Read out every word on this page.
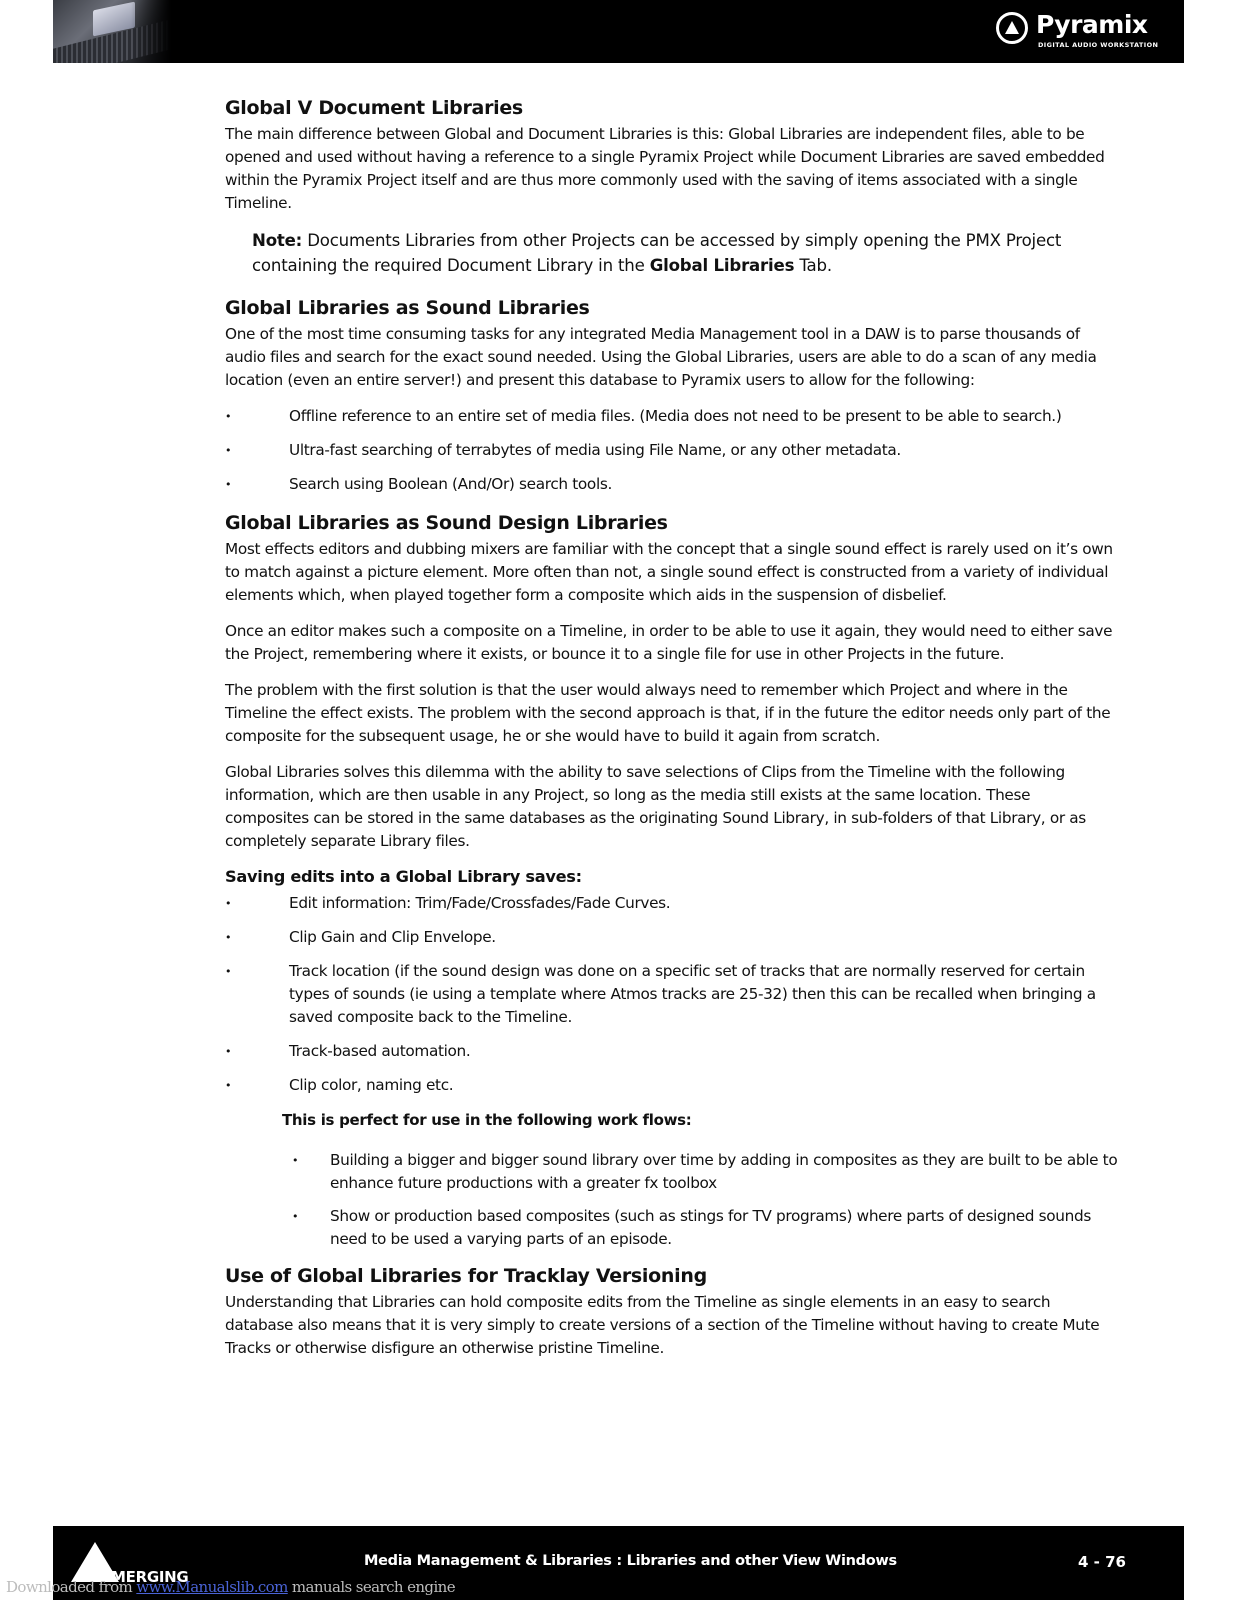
Pyramix
DIGITAL AUDIO WORKSTATION
Global V Document Libraries

The main difference between Global and Document Libraries is this: Global Libraries are independent files, able to be opened and used without having a reference to a single Pyramix Project while Document Libraries are saved embedded within the Pyramix Project itself and are thus more commonly used with the saving of items associated with a single Timeline.

Note: Documents Libraries from other Projects can be accessed by simply opening the PMX Project containing the required Document Library in the Global Libraries Tab.

Global Libraries as Sound Libraries

One of the most time consuming tasks for any integrated Media Management tool in a DAW is to parse thousands of audio files and search for the exact sound needed. Using the Global Libraries, users are able to do a scan of any media location (even an entire server!) and present this database to Pyramix users to allow for the following:

• Offline reference to an entire set of media files. (Media does not need to be present to be able to search.)
• Ultra-fast searching of terrabytes of media using File Name, or any other metadata.
• Search using Boolean (And/Or) search tools.
Global Libraries as Sound Design Libraries

Most effects editors and dubbing mixers are familiar with the concept that a single sound effect is rarely used on it’s own to match against a picture element. More often than not, a single sound effect is constructed from a variety of individual elements which, when played together form a composite which aids in the suspension of disbelief.

Once an editor makes such a composite on a Timeline, in order to be able to use it again, they would need to either save the Project, remembering where it exists, or bounce it to a single file for use in other Projects in the future.

The problem with the first solution is that the user would always need to remember which Project and where in the Timeline the effect exists. The problem with the second approach is that, if in the future the editor needs only part of the composite for the subsequent usage, he or she would have to build it again from scratch.

Global Libraries solves this dilemma with the ability to save selections of Clips from the Timeline with the following information, which are then usable in any Project, so long as the media still exists at the same location. These composites can be stored in the same databases as the originating Sound Library, in sub-folders of that Library, or as completely separate Library files.

Saving edits into a Global Library saves:
• Edit information: Trim/Fade/Crossfades/Fade Curves.
• Clip Gain and Clip Envelope.
• Track location (if the sound design was done on a specific set of tracks that are normally reserved for certain types of sounds (ie using a template where Atmos tracks are 25-32) then this can be recalled when bringing a saved composite back to the Timeline.
• Track-based automation.
• Clip color, naming etc.
This is perfect for use in the following work flows:
• Building a bigger and bigger sound library over time by adding in composites as they are built to be able to enhance future productions with a greater fx toolbox
• Show or production based composites (such as stings for TV programs) where parts of designed sounds need to be used a varying parts of an episode.
Use of Global Libraries for Tracklay Versioning

Understanding that Libraries can hold composite edits from the Timeline as single elements in an easy to search database also means that it is very simply to create versions of a section of the Timeline without having to create Mute Tracks or otherwise disfigure an otherwise pristine Timeline.

MERGING
Media Management & Libraries : Libraries and other View Windows	4 - 76
Downloaded from www.Manualslib.com manuals search engine
